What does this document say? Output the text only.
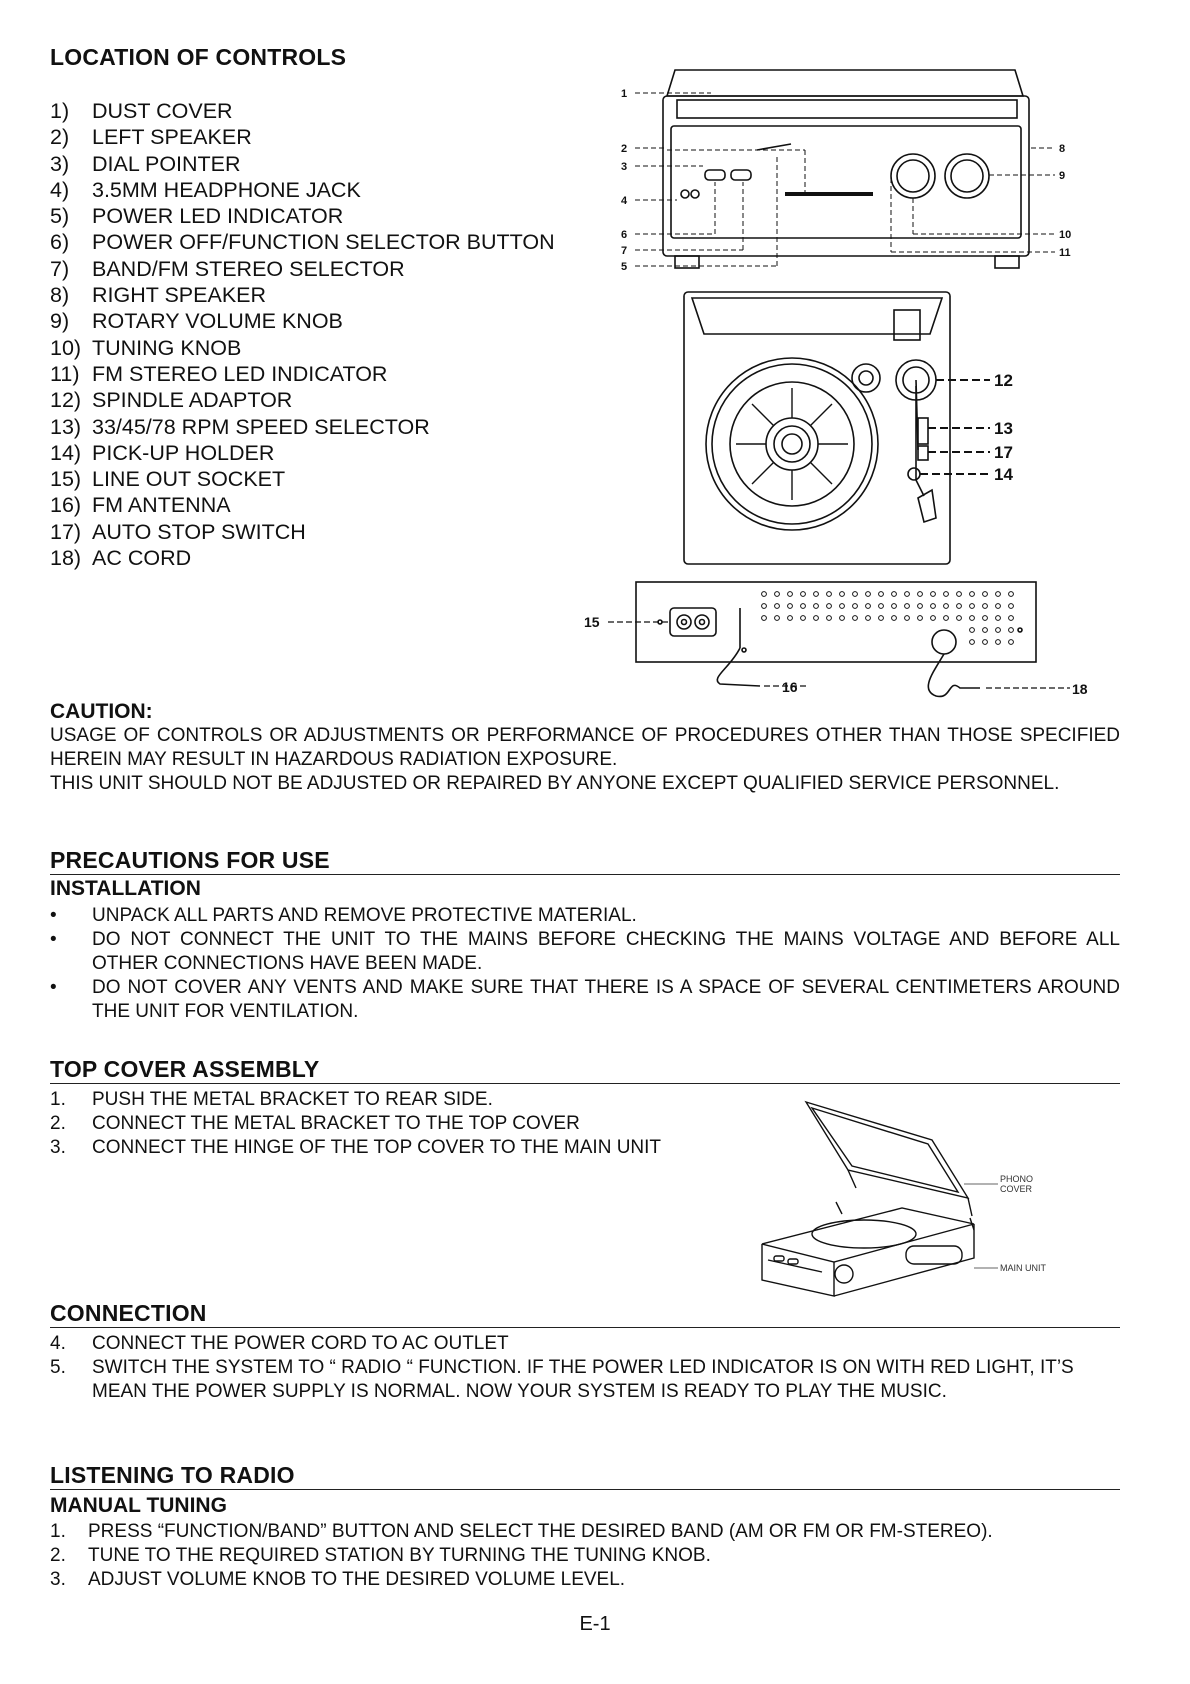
LOCATION OF CONTROLS
1) DUST COVER
2) LEFT SPEAKER
3) DIAL POINTER
4) 3.5MM HEADPHONE JACK
5) POWER LED INDICATOR
6) POWER OFF/FUNCTION SELECTOR BUTTON
7) BAND/FM STEREO SELECTOR
8) RIGHT SPEAKER
9) ROTARY VOLUME KNOB
10) TUNING KNOB
11) FM STEREO LED INDICATOR
12) SPINDLE ADAPTOR
13) 33/45/78 RPM SPEED SELECTOR
14) PICK-UP HOLDER
15) LINE OUT SOCKET
16) FM ANTENNA
17) AUTO STOP SWITCH
18) AC CORD
1
2
3
4
6
7
5
8
9
10
11
12
13
17
14
15
16	18
CAUTION:
USAGE OF CONTROLS OR ADJUSTMENTS OR PERFORMANCE OF PROCEDURES OTHER THAN THOSE SPECIFIED HEREIN MAY RESULT IN HAZARDOUS RADIATION EXPOSURE.
THIS UNIT SHOULD NOT BE ADJUSTED OR REPAIRED BY ANYONE EXCEPT QUALIFIED SERVICE PERSONNEL.
PRECAUTIONS FOR USE
INSTALLATION
•	UNPACK ALL PARTS AND REMOVE PROTECTIVE MATERIAL.
•	DO NOT CONNECT THE UNIT TO THE MAINS BEFORE CHECKING THE MAINS VOLTAGE AND BEFORE ALL OTHER CONNECTIONS HAVE BEEN MADE.
•	DO NOT COVER ANY VENTS AND MAKE SURE THAT THERE IS A SPACE OF SEVERAL CENTIMETERS AROUND THE UNIT FOR VENTILATION.
TOP COVER ASSEMBLY
1. PUSH THE METAL BRACKET TO REAR SIDE.
2. CONNECT THE METAL BRACKET TO THE TOP COVER
3. CONNECT THE HINGE OF THE TOP COVER TO THE MAIN UNIT
PHONO
COVER
MAIN UNIT
CONNECTION
4. CONNECT THE POWER CORD TO AC OUTLET
5. SWITCH THE SYSTEM TO “ RADIO “ FUNCTION. IF THE POWER LED INDICATOR IS ON WITH RED LIGHT, IT’S MEAN THE POWER SUPPLY IS NORMAL. NOW YOUR SYSTEM IS READY TO PLAY THE MUSIC.
LISTENING TO RADIO
MANUAL TUNING
1. PRESS “FUNCTION/BAND” BUTTON AND SELECT THE DESIRED BAND (AM OR FM OR FM-STEREO).
2. TUNE TO THE REQUIRED STATION BY TURNING THE TUNING KNOB.
3. ADJUST VOLUME KNOB TO THE DESIRED VOLUME LEVEL.
E-1
